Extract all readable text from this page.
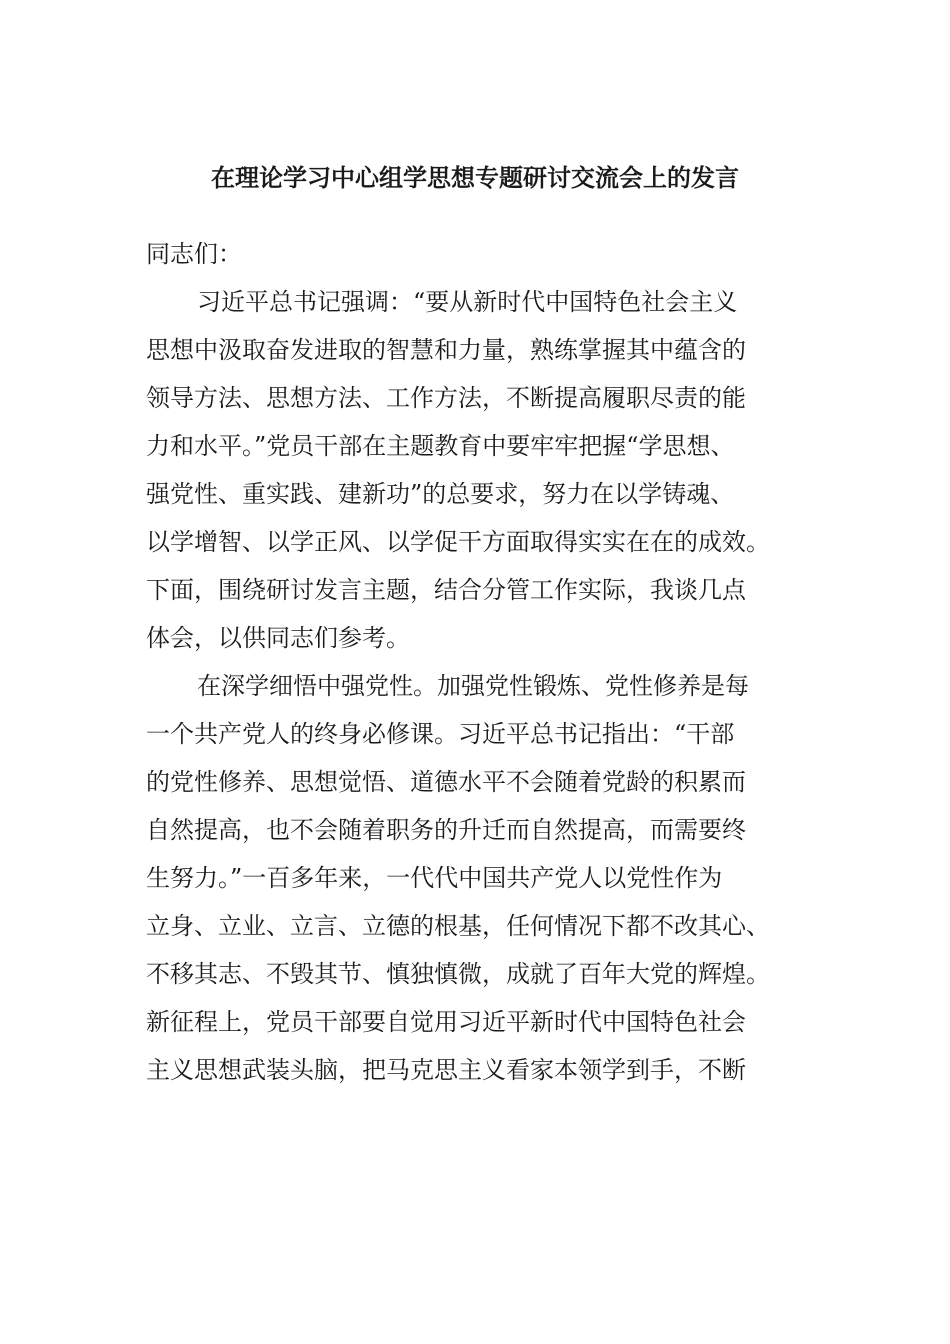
在理论学习中心组学思想专题研讨交流会上的发言
同志们：
习近平总书记强调：“要从新时代中国特色社会主义
思想中汲取奋发进取的智慧和力量，熟练掌握其中蕴含的
领导方法、思想方法、工作方法，不断提高履职尽责的能
力和水平。”党员干部在主题教育中要牢牢把握“学思想、
强党性、重实践、建新功”的总要求，努力在以学铸魂、
以学增智、以学正风、以学促干方面取得实实在在的成效。
下面，围绕研讨发言主题，结合分管工作实际，我谈几点
体会，以供同志们参考。
在深学细悟中强党性。加强党性锻炼、党性修养是每
一个共产党人的终身必修课。习近平总书记指出：“干部
的党性修养、思想觉悟、道德水平不会随着党龄的积累而
自然提高，也不会随着职务的升迁而自然提高，而需要终
生努力。”一百多年来，一代代中国共产党人以党性作为
立身、立业、立言、立德的根基，任何情况下都不改其心、
不移其志、不毁其节、慎独慎微，成就了百年大党的辉煌。
新征程上，党员干部要自觉用习近平新时代中国特色社会
主义思想武装头脑，把马克思主义看家本领学到手，不断
